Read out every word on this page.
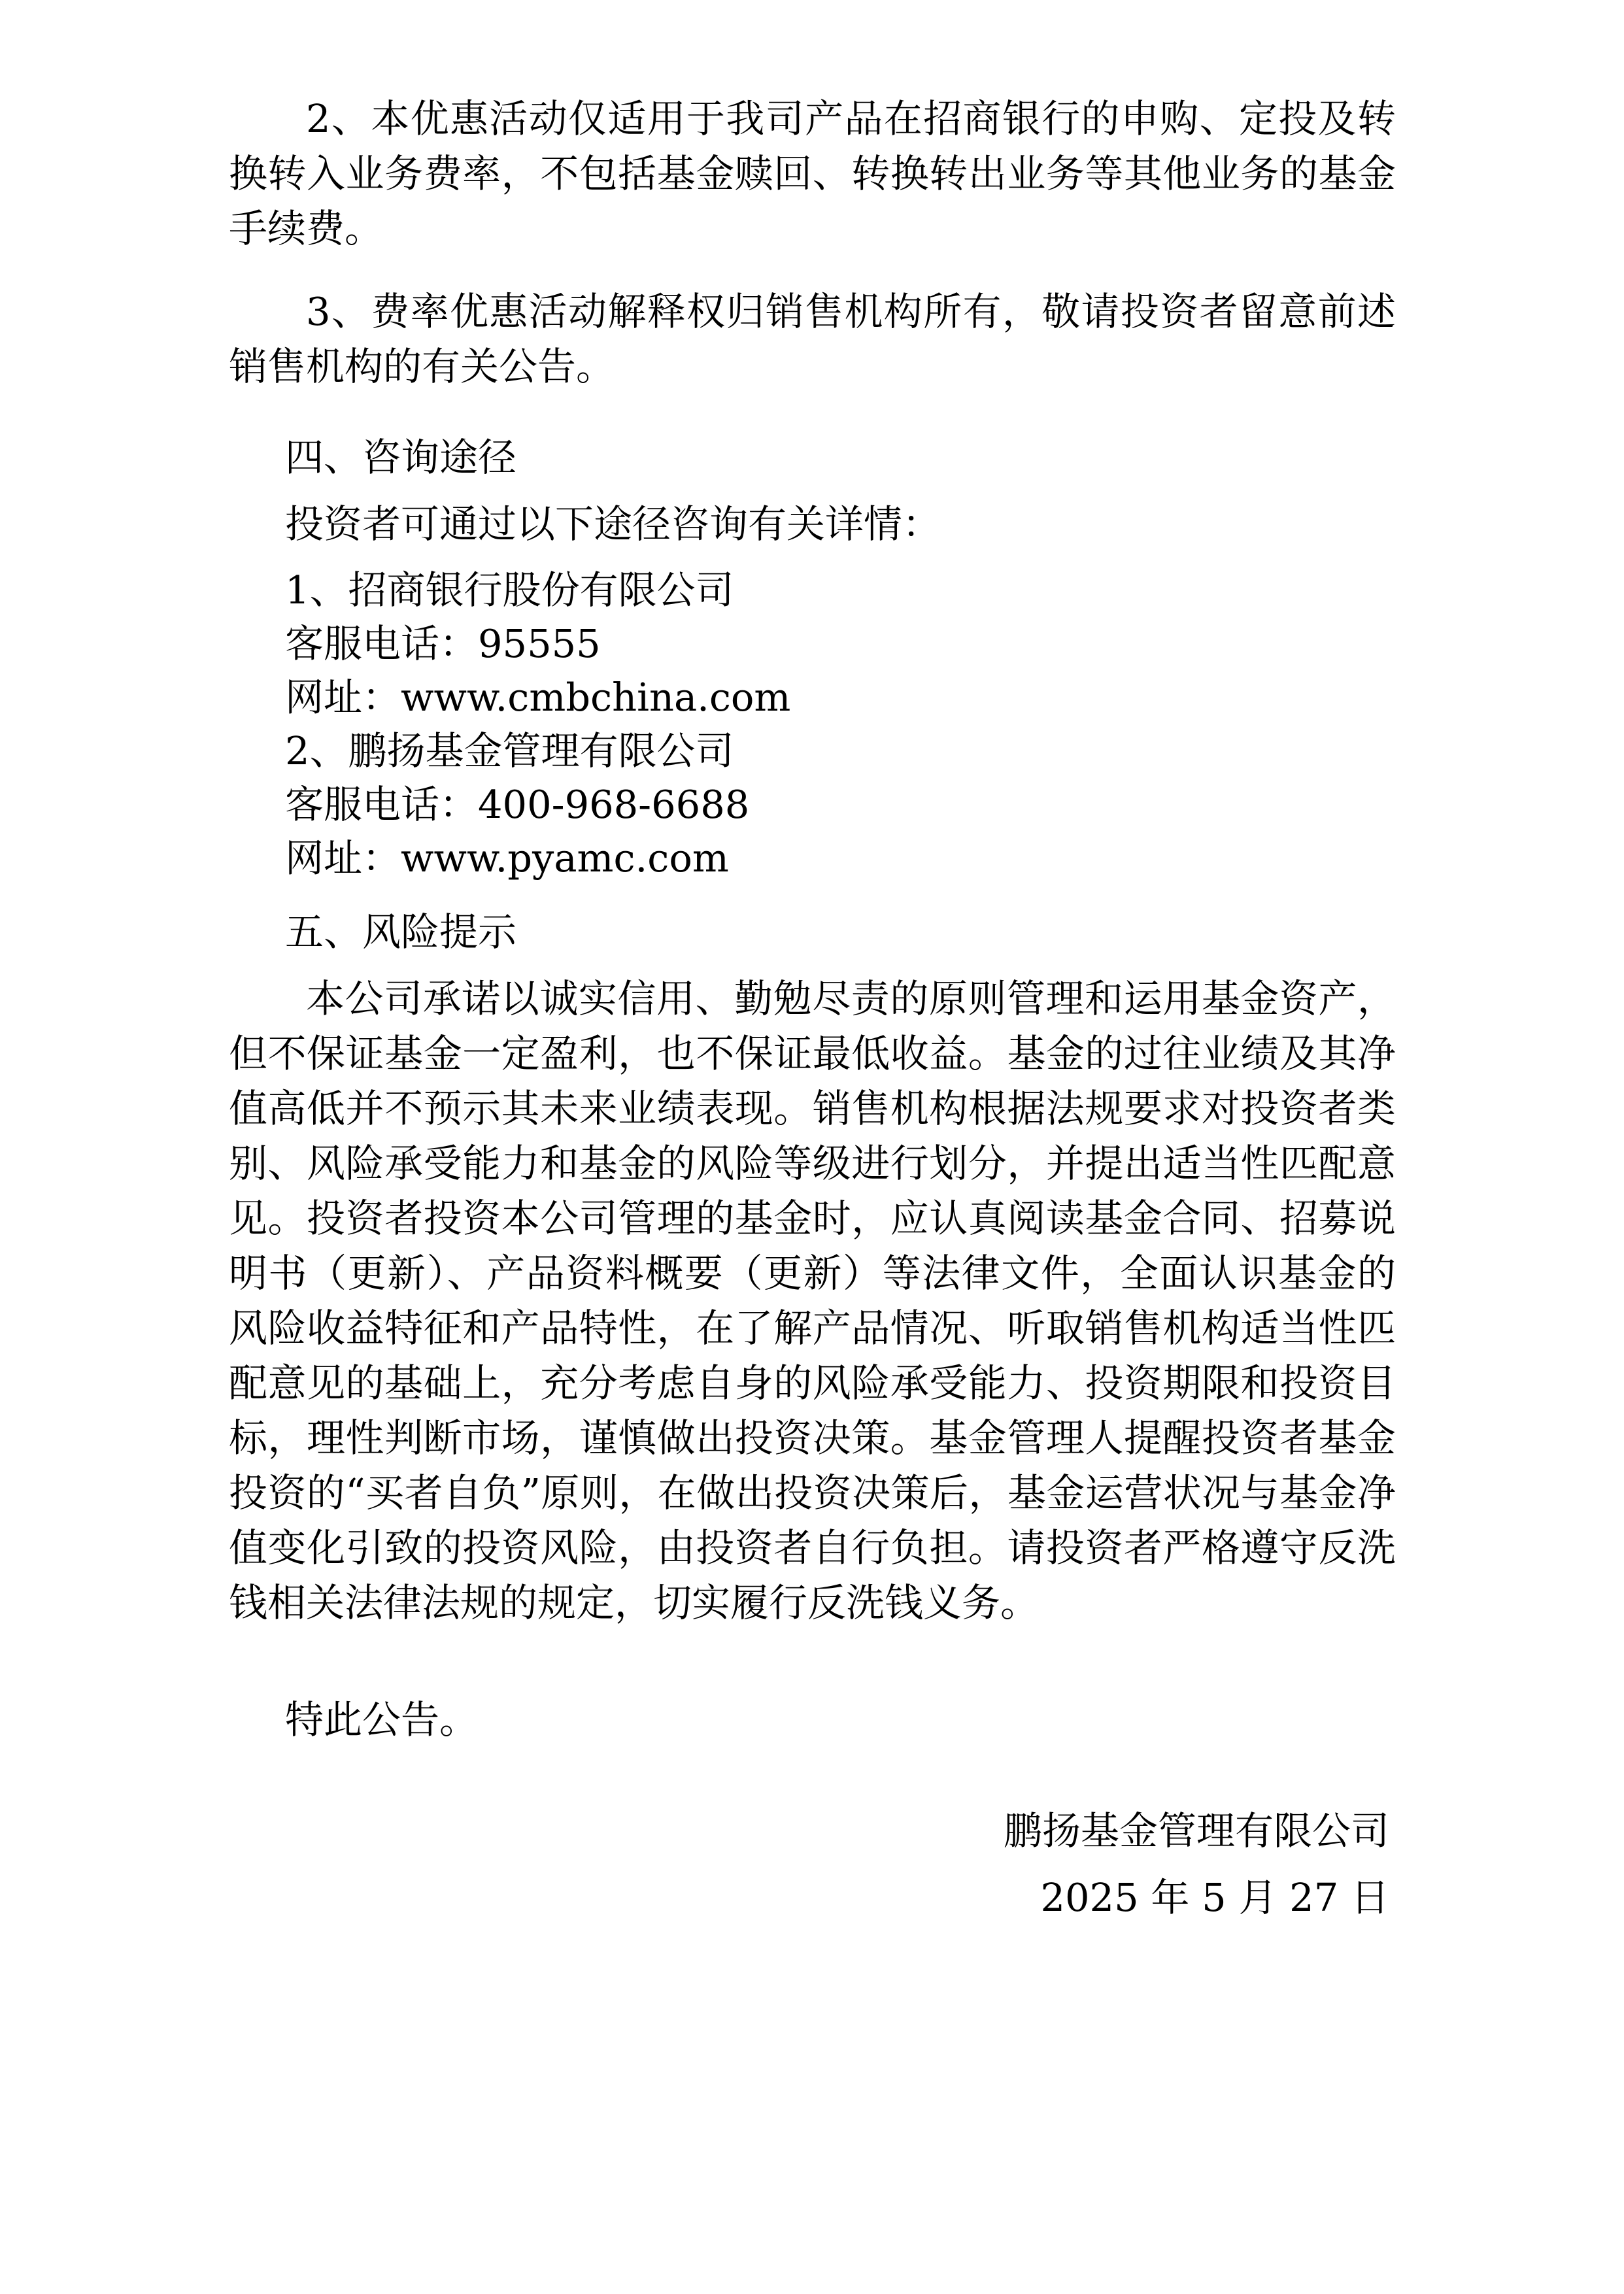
2、本优惠活动仅适用于我司产品在招商银行的申购、定投及转换转入业务费率，不包括基金赎回、转换转出业务等其他业务的基金手续费。

3、费率优惠活动解释权归销售机构所有，敬请投资者留意前述销售机构的有关公告。

四、咨询途径

投资者可通过以下途径咨询有关详情：

1、招商银行股份有限公司

客服电话：95555

网址：www.cmbchina.com

2、鹏扬基金管理有限公司

客服电话：400-968-6688

网址：www.pyamc.com

五、风险提示

本公司承诺以诚实信用、勤勉尽责的原则管理和运用基金资产，但不保证基金一定盈利，也不保证最低收益。基金的过往业绩及其净值高低并不预示其未来业绩表现。销售机构根据法规要求对投资者类别、风险承受能力和基金的风险等级进行划分，并提出适当性匹配意见。投资者投资本公司管理的基金时，应认真阅读基金合同、招募说明书（更新）、产品资料概要（更新）等法律文件，全面认识基金的风险收益特征和产品特性，在了解产品情况、听取销售机构适当性匹配意见的基础上，充分考虑自身的风险承受能力、投资期限和投资目标，理性判断市场，谨慎做出投资决策。基金管理人提醒投资者基金投资的“买者自负”原则，在做出投资决策后，基金运营状况与基金净值变化引致的投资风险，由投资者自行负担。请投资者严格遵守反洗钱相关法律法规的规定，切实履行反洗钱义务。

特此公告。

鹏扬基金管理有限公司
2025 年 5 月 27 日
